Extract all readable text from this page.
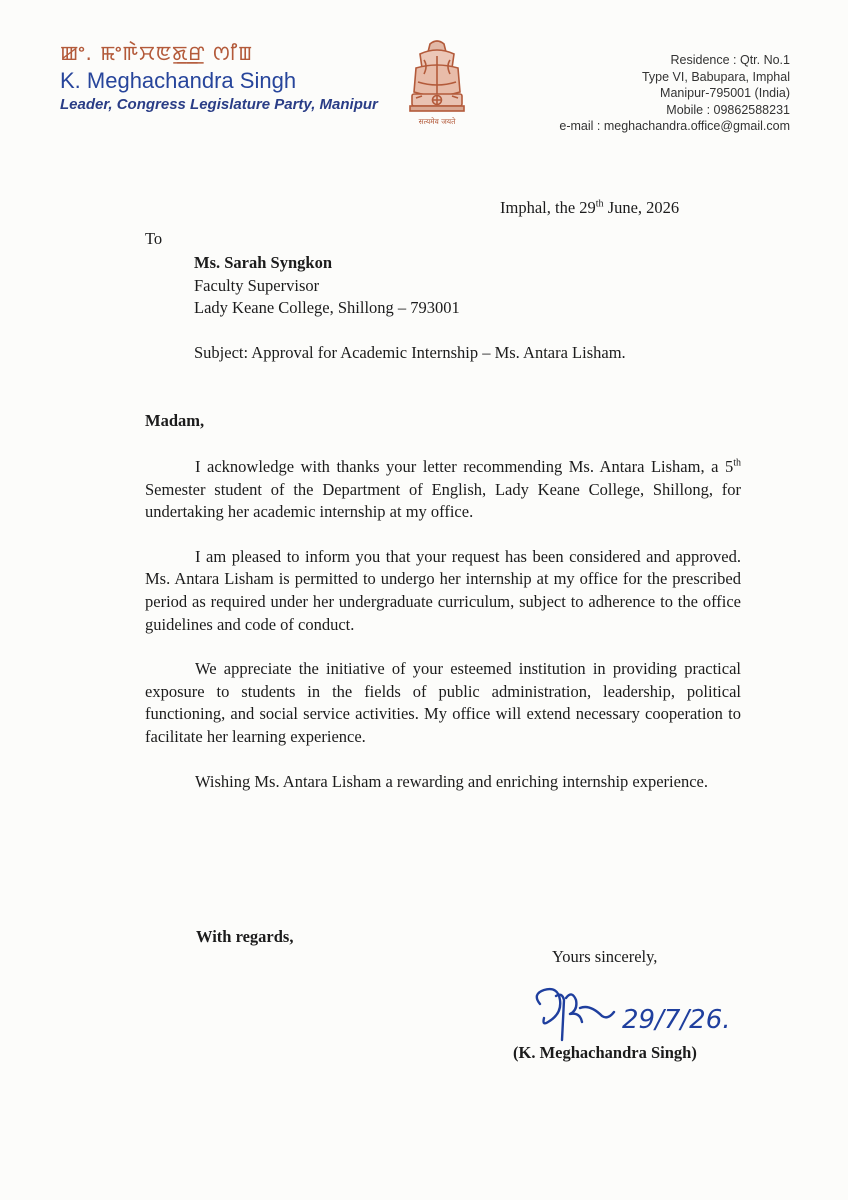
ꯀꯦ. ꯃꯦꯒꯥꯆꯟꯗ꯭ꯔ ꯁꯤꯡ
K. Meghachandra Singh
Leader, Congress Legislature Party, Manipur
सत्यमेव जयते
Residence : Qtr. No.1
Type VI, Babupara, Imphal
Manipur-795001 (India)
Mobile : 09862588231
e-mail : meghachandra.office@gmail.com
Imphal, the 29th June, 2026
To
Ms. Sarah Syngkon
Faculty Supervisor
Lady Keane College, Shillong – 793001
Subject: Approval for Academic Internship – Ms. Antara Lisham.
Madam,

I acknowledge with thanks your letter recommending Ms. Antara Lisham, a 5th Semester student of the Department of English, Lady Keane College, Shillong, for undertaking her academic internship at my office.

I am pleased to inform you that your request has been considered and approved. Ms. Antara Lisham is permitted to undergo her internship at my office for the prescribed period as required under her undergraduate curriculum, subject to adherence to the office guidelines and code of conduct.

We appreciate the initiative of your esteemed institution in providing practical exposure to students in the fields of public administration, leadership, political functioning, and social service activities. My office will extend necessary cooperation to facilitate her learning experience.

Wishing Ms. Antara Lisham a rewarding and enriching internship experience.

With regards,
Yours sincerely,
29/7/26.
(K. Meghachandra Singh)
